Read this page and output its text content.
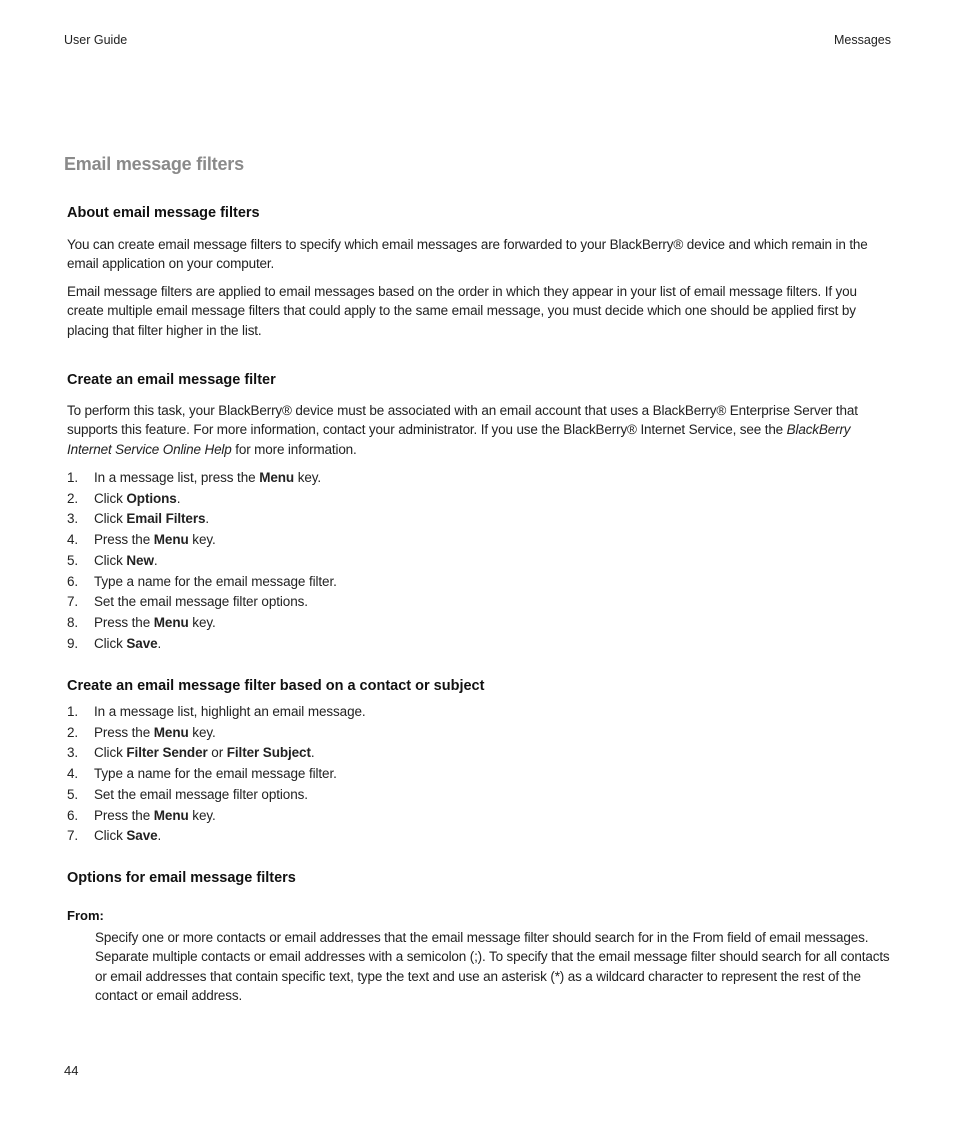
User Guide	Messages
Email message filters
About email message filters

You can create email message filters to specify which email messages are forwarded to your BlackBerry® device and which remain in the email application on your computer.

Email message filters are applied to email messages based on the order in which they appear in your list of email message filters. If you create multiple email message filters that could apply to the same email message, you must decide which one should be applied first by placing that filter higher in the list.

Create an email message filter

To perform this task, your BlackBerry® device must be associated with an email account that uses a BlackBerry® Enterprise Server that supports this feature. For more information, contact your administrator. If you use the BlackBerry® Internet Service, see the BlackBerry Internet Service Online Help for more information.

1. In a message list, press the Menu key.
2. Click Options.
3. Click Email Filters.
4. Press the Menu key.
5. Click New.
6. Type a name for the email message filter.
7. Set the email message filter options.
8. Press the Menu key.
9. Click Save.
Create an email message filter based on a contact or subject
1. In a message list, highlight an email message.
2. Press the Menu key.
3. Click Filter Sender or Filter Subject.
4. Type a name for the email message filter.
5. Set the email message filter options.
6. Press the Menu key.
7. Click Save.
Options for email message filters

From:

Specify one or more contacts or email addresses that the email message filter should search for in the From field of email messages. Separate multiple contacts or email addresses with a semicolon (;). To specify that the email message filter should search for all contacts or email addresses that contain specific text, type the text and use an asterisk (*) as a wildcard character to represent the rest of the contact or email address.

44
